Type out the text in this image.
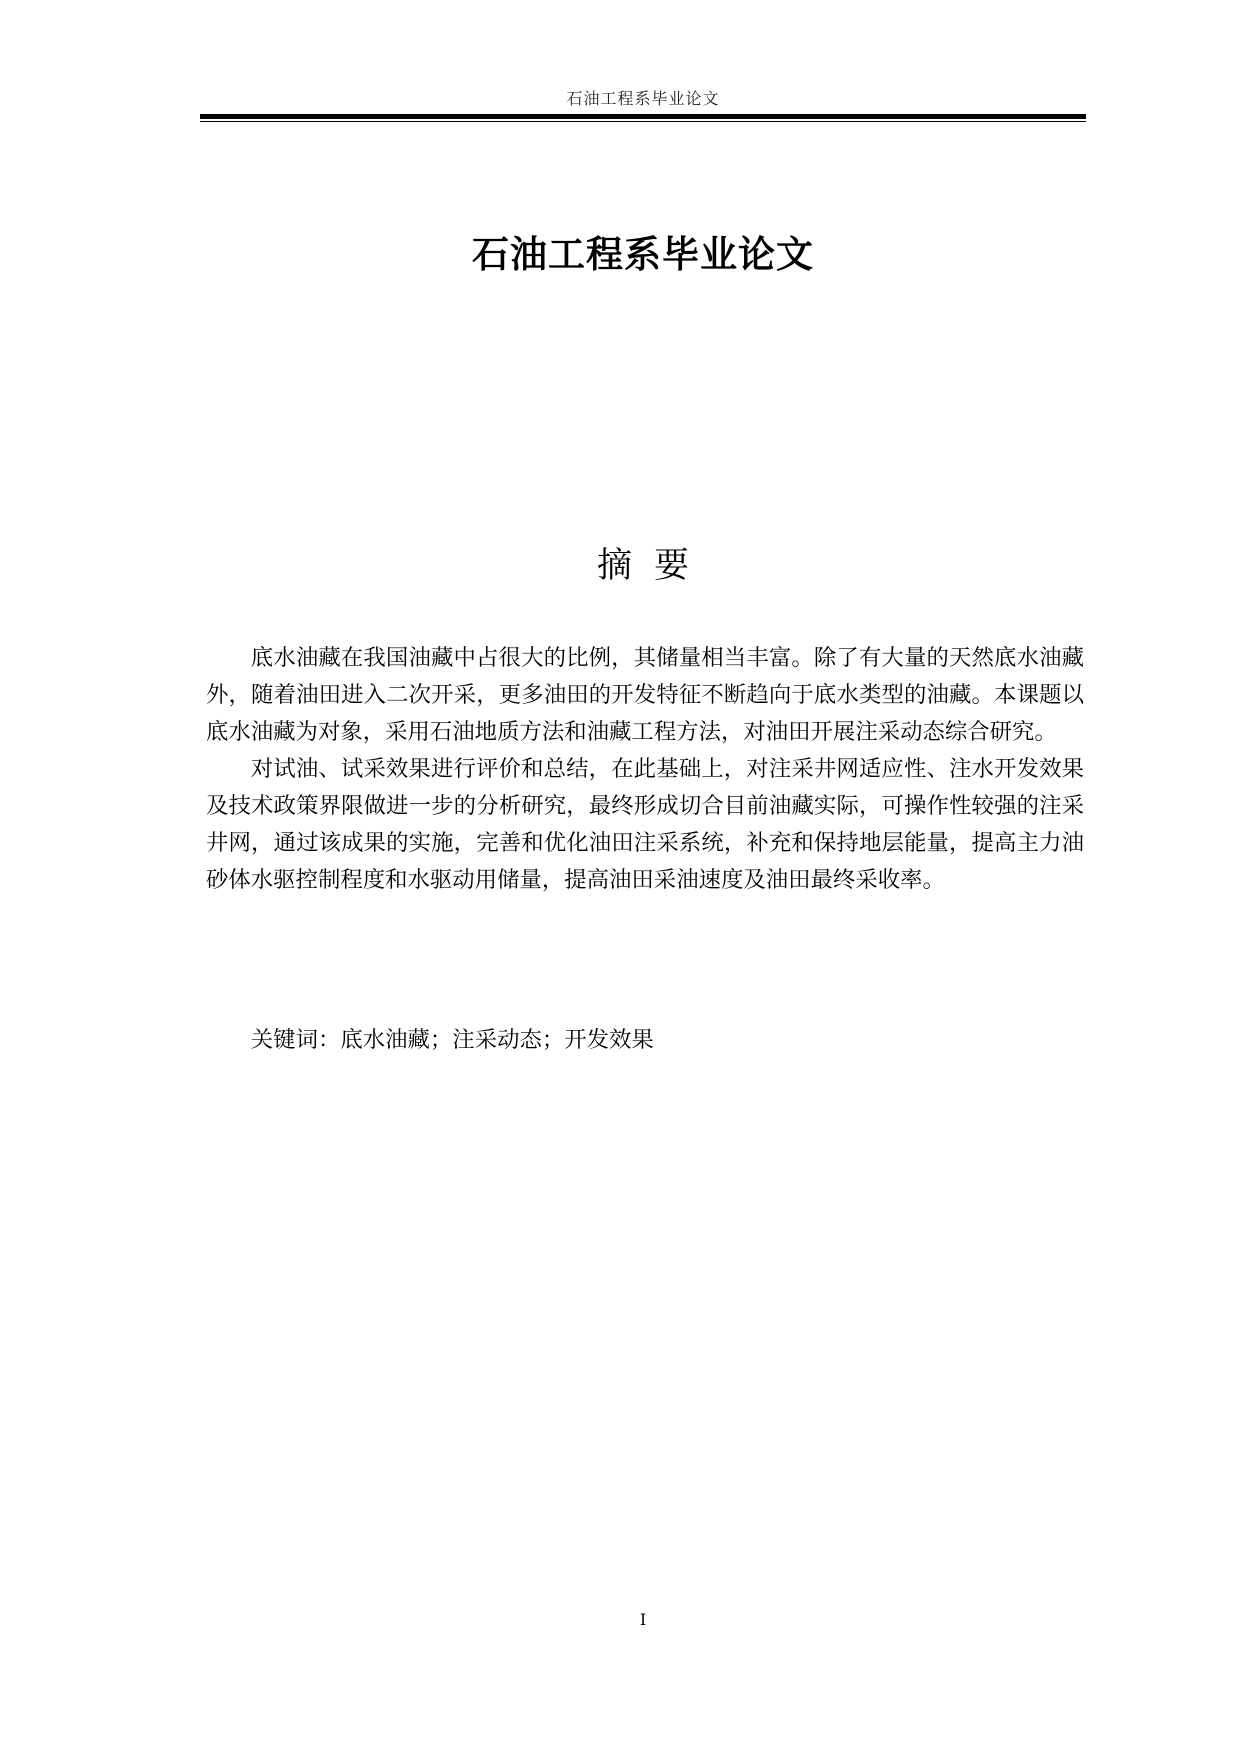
石油工程系毕业论文
石油工程系毕业论文
摘要

底水油藏在我国油藏中占很大的比例，其储量相当丰富。除了有大量的天然底水油藏外，随着油田进入二次开采，更多油田的开发特征不断趋向于底水类型的油藏。本课题以底水油藏为对象，采用石油地质方法和油藏工程方法，对油田开展注采动态综合研究。

对试油、试采效果进行评价和总结，在此基础上，对注采井网适应性、注水开发效果及技术政策界限做进一步的分析研究，最终形成切合目前油藏实际，可操作性较强的注采井网，通过该成果的实施，完善和优化油田注采系统，补充和保持地层能量，提高主力油砂体水驱控制程度和水驱动用储量，提高油田采油速度及油田最终采收率。

关键词：底水油藏；注采动态；开发效果
I
